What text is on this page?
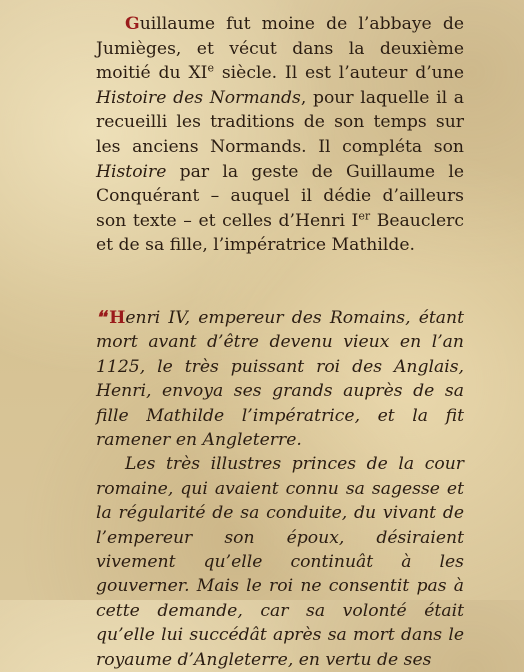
Guillaume fut moine de l’abbaye de Jumièges, et vécut dans la deuxième moitié du XIe siècle. Il est l’auteur d’une Histoire des Normands, pour laquelle il a recueilli les traditions de son temps sur les anciens Normands. Il compléta son Histoire par la geste de Guillaume le Conquérant – auquel il dédie d’ailleurs son texte – et celles d’Henri Ier Beauclerc et de sa fille, l’impératrice Mathilde.

❛❛ Henri IV, empereur des Romains, étant mort avant d’être devenu vieux en l’an 1125, le très puissant roi des Anglais, Henri, envoya ses grands auprès de sa fille Mathilde l’impératrice, et la fit ramener en Angleterre.

Les très illustres princes de la cour romaine, qui avaient connu sa sagesse et la régularité de sa conduite, du vivant de l’empereur son époux, désiraient vivement qu’elle continuât à les gouverner. Mais le roi ne consentit pas à cette demande, car sa volonté était qu’elle lui succédât après sa mort dans le royaume d’Angleterre, en vertu de ses
